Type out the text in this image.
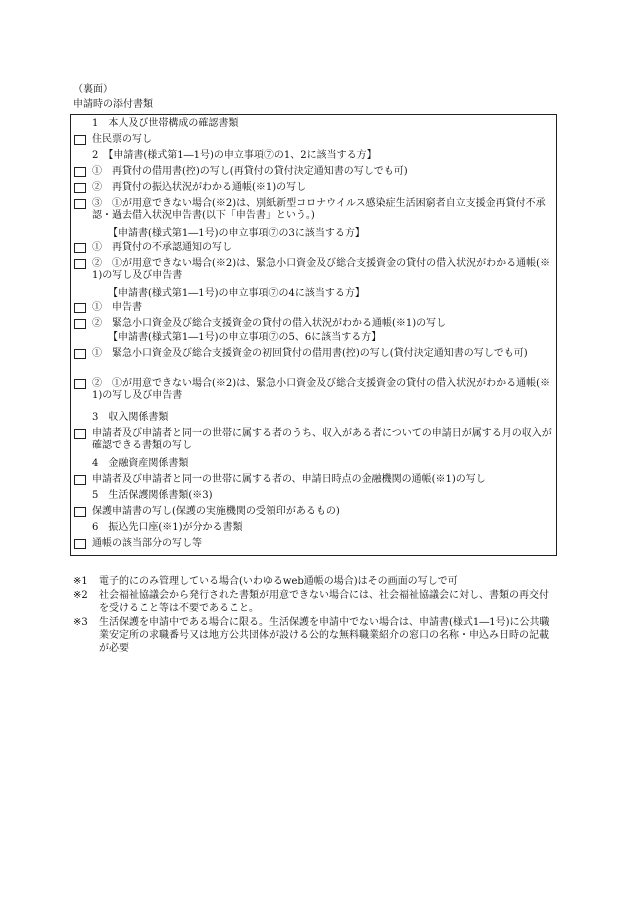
（裏面）
申請時の添付書類
1　本人及び世帯構成の確認書類
住民票の写し
2　【申請書(様式第1―1号)の申立事項⑦の1、2に該当する方】
①　再貸付の借用書(控)の写し(再貸付の貸付決定通知書の写しでも可)
②　再貸付の振込状況がわかる通帳(※1)の写し
③　①が用意できない場合(※2)は、別紙新型コロナウイルス感染症生活困窮者自立支援金再貸付不承認・過去借入状況申告書(以下「申告書」という。)
【申請書(様式第1―1号)の申立事項⑦の3に該当する方】
①　再貸付の不承認通知の写し
②　①が用意できない場合(※2)は、緊急小口資金及び総合支援資金の貸付の借入状況がわかる通帳(※1)の写し及び申告書
【申請書(様式第1―1号)の申立事項⑦の4に該当する方】
①　申告書
②　緊急小口資金及び総合支援資金の貸付の借入状況がわかる通帳(※1)の写し
【申請書(様式第1―1号)の申立事項⑦の5、6に該当する方】
①　緊急小口資金及び総合支援資金の初回貸付の借用書(控)の写し(貸付決定通知書の写しでも可)
②　①が用意できない場合(※2)は、緊急小口資金及び総合支援資金の貸付の借入状況がわかる通帳(※1)の写し及び申告書
3　収入関係書類
申請者及び申請者と同一の世帯に属する者のうち、収入がある者についての申請日が属する月の収入が確認できる書類の写し
4　金融資産関係書類
申請者及び申請者と同一の世帯に属する者の、申請日時点の金融機関の通帳(※1)の写し
5　生活保護関係書類(※3)
保護申請書の写し(保護の実施機関の受領印があるもの)
6　振込先口座(※1)が分かる書類
通帳の該当部分の写し等
※1	電子的にのみ管理している場合(いわゆるweb通帳の場合)はその画面の写しで可
※2	社会福祉協議会から発行された書類が用意できない場合には、社会福祉協議会に対し、書類の再交付を受けること等は不要であること。
※3	生活保護を申請中である場合に限る。生活保護を申請中でない場合は、申請書(様式1―1号)に公共職業安定所の求職番号又は地方公共団体が設ける公的な無料職業紹介の窓口の名称・申込み日時の記載が必要
